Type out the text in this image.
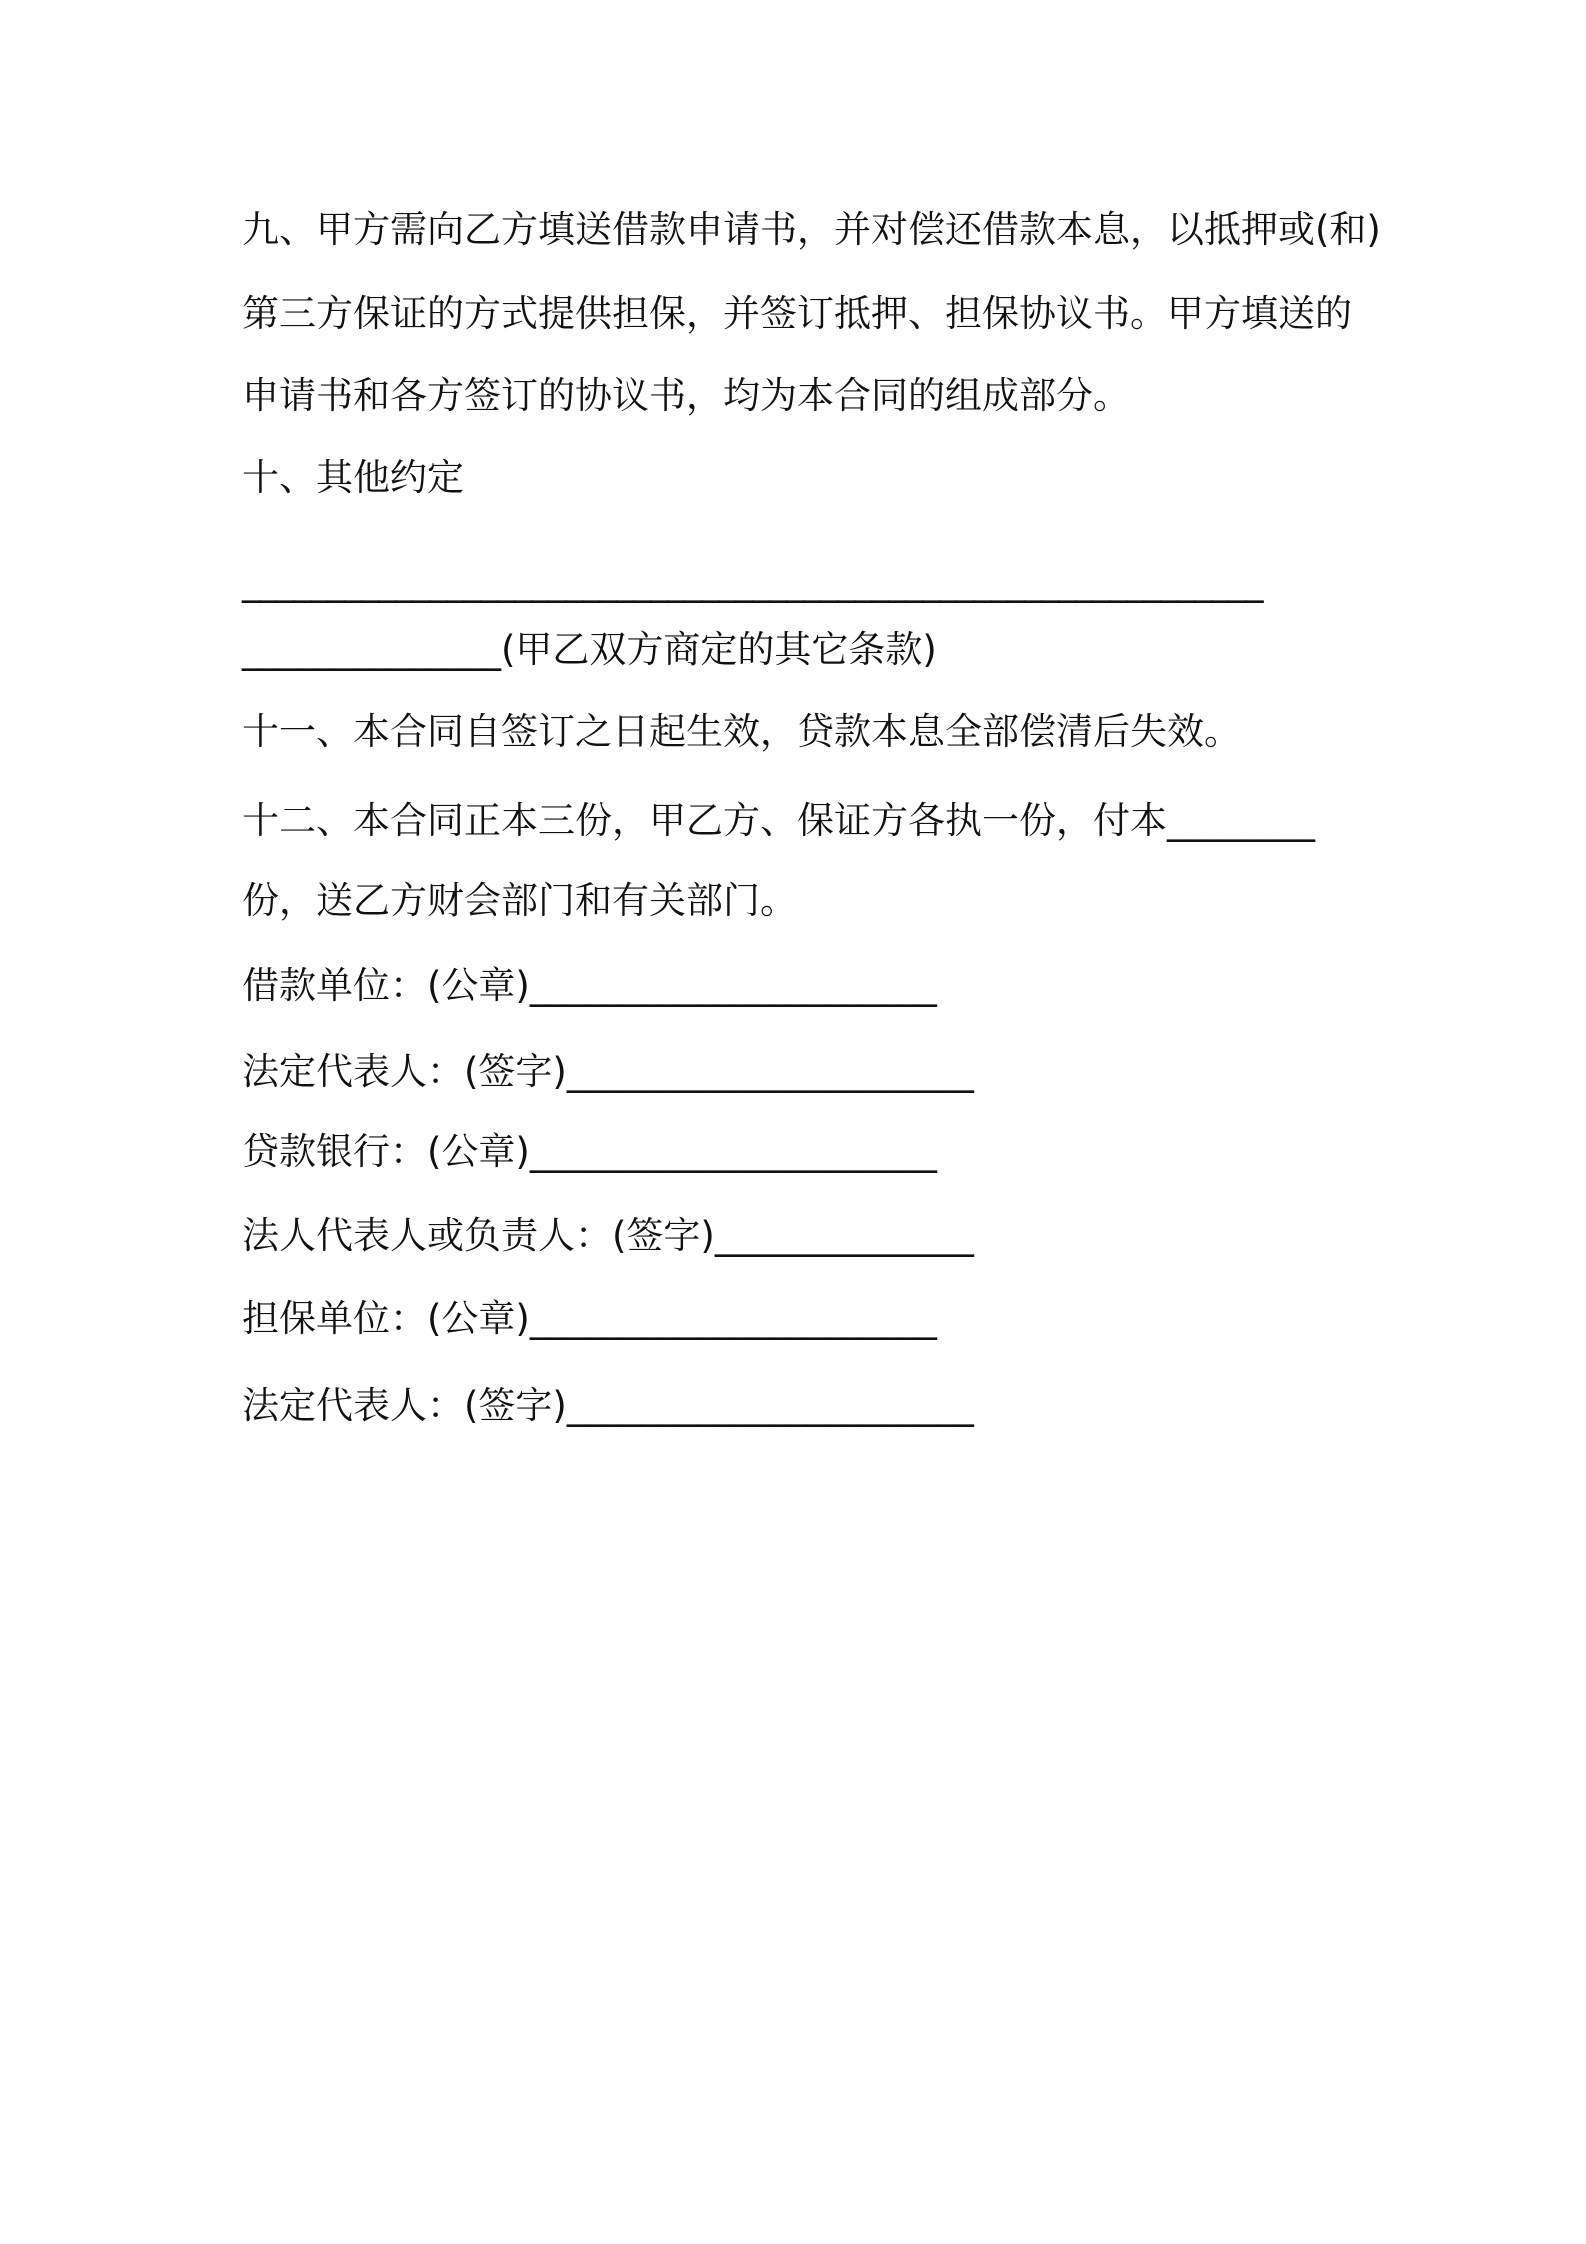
九、甲方需向乙方填送借款申请书，并对偿还借款本息，以抵押或(和)
第三方保证的方式提供担保，并签订抵押、担保协议书。甲方填送的
申请书和各方签订的协议书，均为本合同的组成部分。
十、其他约定
____________________________________________________________
______________(甲乙双方商定的其它条款)
十一、本合同自签订之日起生效，贷款本息全部偿清后失效。
十二、本合同正本三份，甲乙方、保证方各执一份，付本________
份，送乙方财会部门和有关部门。
借款单位：(公章)______________________
法定代表人：(签字)______________________
贷款银行：(公章)______________________
法人代表人或负责人：(签字)______________
担保单位：(公章)______________________
法定代表人：(签字)______________________
